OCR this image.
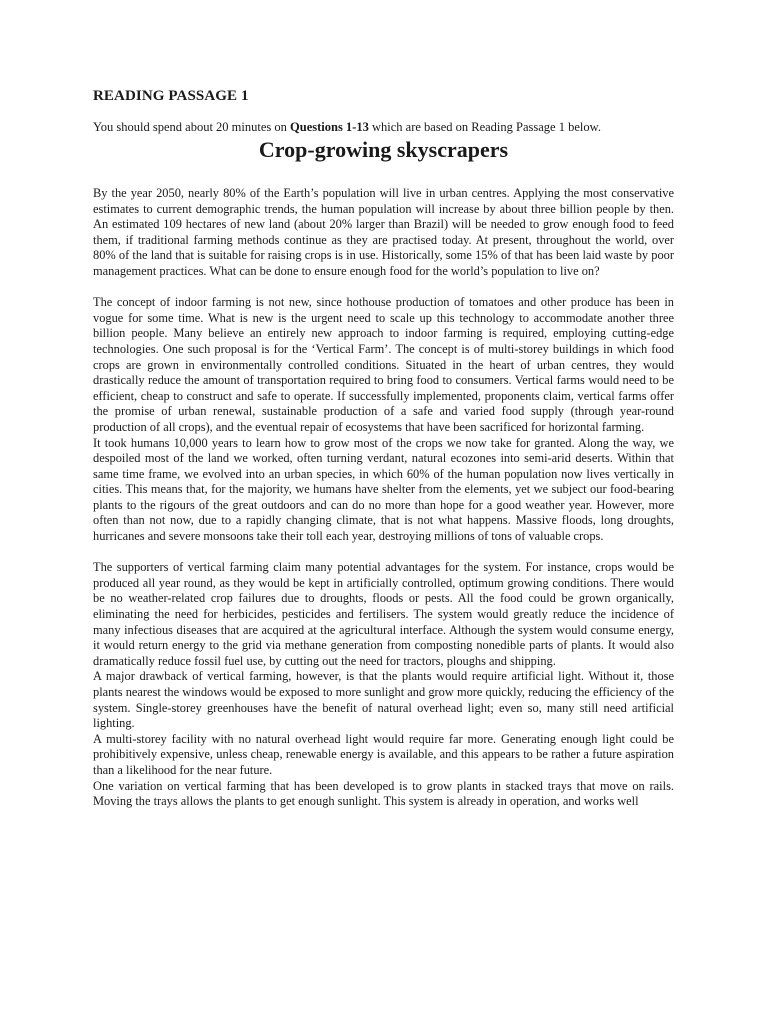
READING PASSAGE 1

You should spend about 20 minutes on Questions 1-13 which are based on Reading Passage 1 below.

Crop-growing skyscrapers

By the year 2050, nearly 80% of the Earth’s population will live in urban centres. Applying the most conservative estimates to current demographic trends, the human population will increase by about three billion people by then. An estimated 109 hectares of new land (about 20% larger than Brazil) will be needed to grow enough food to feed them, if traditional farming methods continue as they are practised today. At present, throughout the world, over 80% of the land that is suitable for raising crops is in use. Historically, some 15% of that has been laid waste by poor management practices. What can be done to ensure enough food for the world’s population to live on?

The concept of indoor farming is not new, since hothouse production of tomatoes and other produce has been in vogue for some time. What is new is the urgent need to scale up this technology to accommodate another three billion people. Many believe an entirely new approach to indoor farming is required, employing cutting-edge technologies. One such proposal is for the ‘Vertical Farm’. The concept is of multi-storey buildings in which food crops are grown in environmentally controlled conditions. Situated in the heart of urban centres, they would drastically reduce the amount of transportation required to bring food to consumers. Vertical farms would need to be efficient, cheap to construct and safe to operate. If successfully implemented, proponents claim, vertical farms offer the promise of urban renewal, sustainable production of a safe and varied food supply (through year-round production of all crops), and the eventual repair of ecosystems that have been sacrificed for horizontal farming.

It took humans 10,000 years to learn how to grow most of the crops we now take for granted. Along the way, we despoiled most of the land we worked, often turning verdant, natural ecozones into semi-arid deserts. Within that same time frame, we evolved into an urban species, in which 60% of the human population now lives vertically in cities. This means that, for the majority, we humans have shelter from the elements, yet we subject our food-bearing plants to the rigours of the great outdoors and can do no more than hope for a good weather year. However, more often than not now, due to a rapidly changing climate, that is not what happens. Massive floods, long droughts, hurricanes and severe monsoons take their toll each year, destroying millions of tons of valuable crops.

The supporters of vertical farming claim many potential advantages for the system. For instance, crops would be produced all year round, as they would be kept in artificially controlled, optimum growing conditions. There would be no weather-related crop failures due to droughts, floods or pests. All the food could be grown organically, eliminating the need for herbicides, pesticides and fertilisers. The system would greatly reduce the incidence of many infectious diseases that are acquired at the agricultural interface. Although the system would consume energy, it would return energy to the grid via methane generation from composting nonedible parts of plants. It would also dramatically reduce fossil fuel use, by cutting out the need for tractors, ploughs and shipping.

A major drawback of vertical farming, however, is that the plants would require artificial light. Without it, those plants nearest the windows would be exposed to more sunlight and grow more quickly, reducing the efficiency of the system. Single-storey greenhouses have the benefit of natural overhead light; even so, many still need artificial lighting.

A multi-storey facility with no natural overhead light would require far more. Generating enough light could be prohibitively expensive, unless cheap, renewable energy is available, and this appears to be rather a future aspiration than a likelihood for the near future.

One variation on vertical farming that has been developed is to grow plants in stacked trays that move on rails. Moving the trays allows the plants to get enough sunlight. This system is already in operation, and works well
